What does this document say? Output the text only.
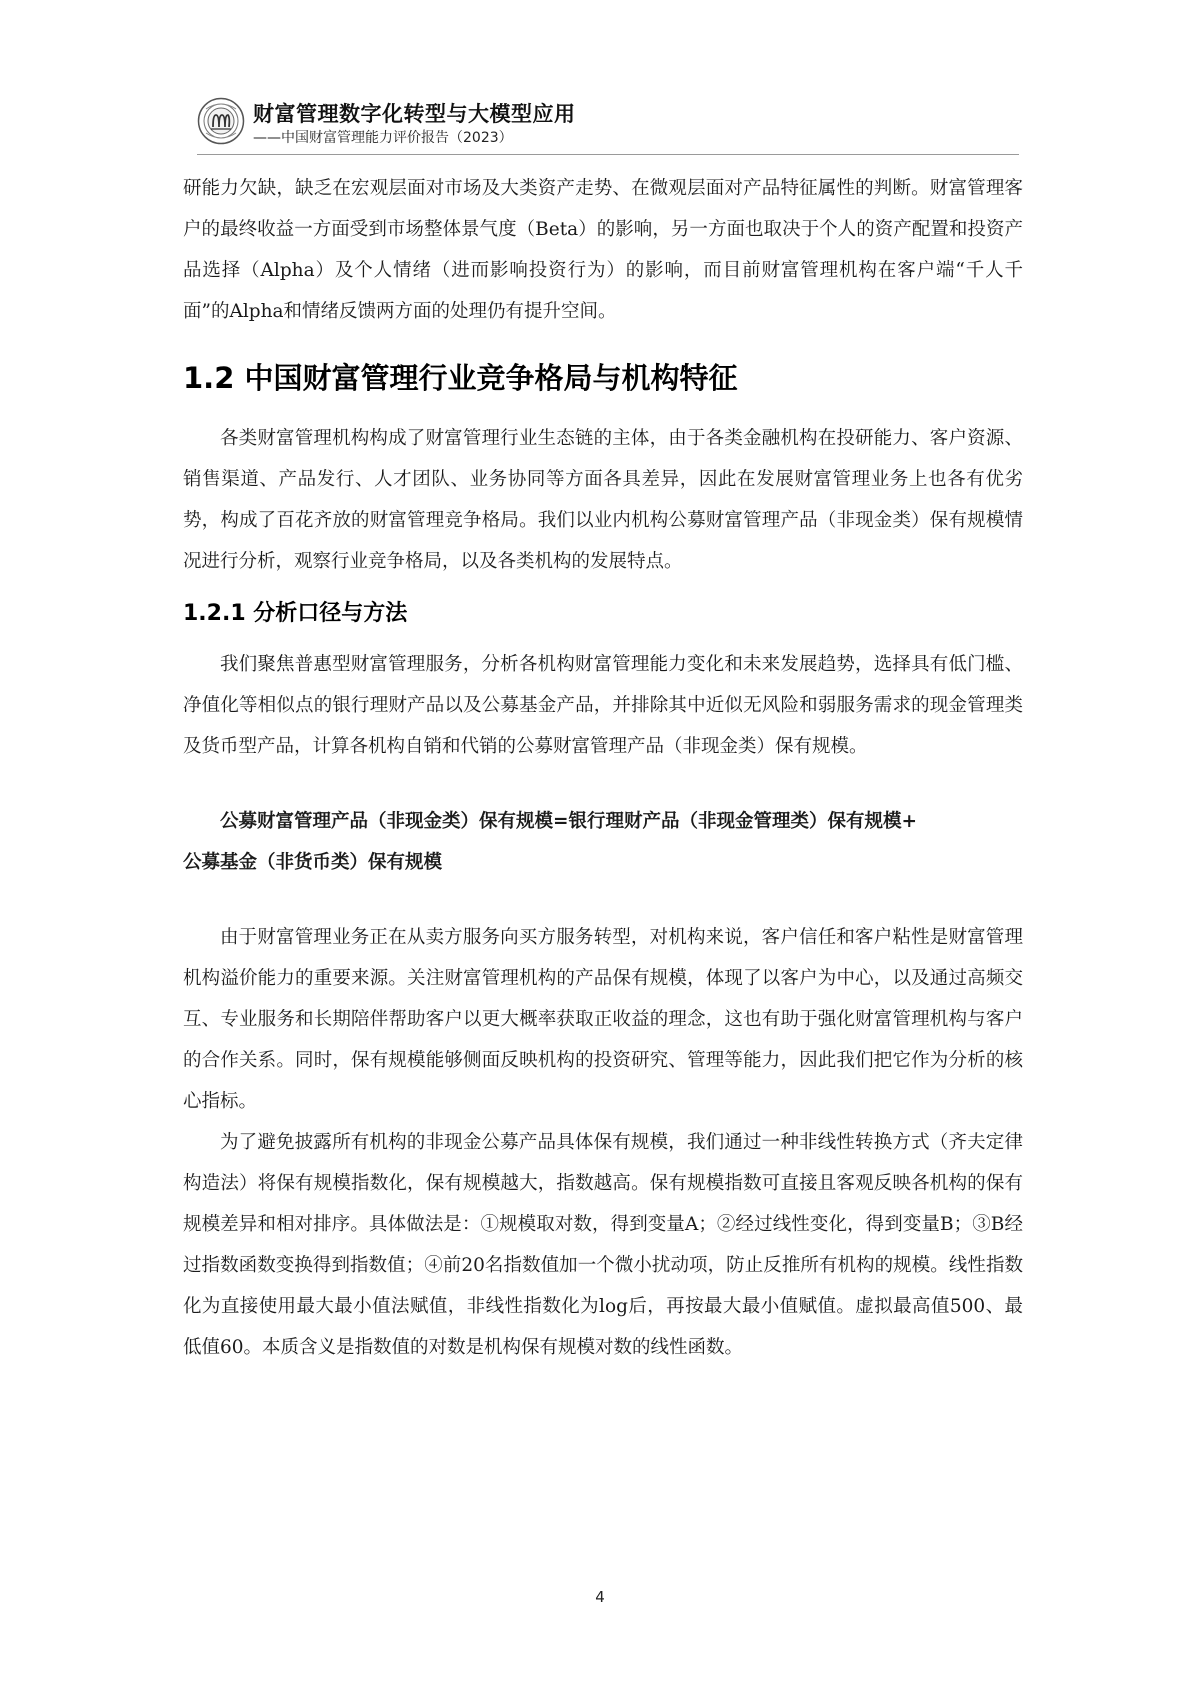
财富管理数字化转型与大模型应用
——中国财富管理能力评价报告（2023）

研能力欠缺，缺乏在宏观层面对市场及大类资产走势、在微观层面对产品特征属性的判断。财富管理客户的最终收益一方面受到市场整体景气度（Beta）的影响，另一方面也取决于个人的资产配置和投资产品选择（Alpha）及个人情绪（进而影响投资行为）的影响，而目前财富管理机构在客户端“千人千面”的Alpha和情绪反馈两方面的处理仍有提升空间。

1.2 中国财富管理行业竞争格局与机构特征

各类财富管理机构构成了财富管理行业生态链的主体，由于各类金融机构在投研能力、客户资源、销售渠道、产品发行、人才团队、业务协同等方面各具差异，因此在发展财富管理业务上也各有优劣势，构成了百花齐放的财富管理竞争格局。我们以业内机构公募财富管理产品（非现金类）保有规模情况进行分析，观察行业竞争格局，以及各类机构的发展特点。

1.2.1 分析口径与方法

我们聚焦普惠型财富管理服务，分析各机构财富管理能力变化和未来发展趋势，选择具有低门槛、净值化等相似点的银行理财产品以及公募基金产品，并排除其中近似无风险和弱服务需求的现金管理类及货币型产品，计算各机构自销和代销的公募财富管理产品（非现金类）保有规模。

公募财富管理产品（非现金类）保有规模=银行理财产品（非现金管理类）保有规模+

公募基金（非货币类）保有规模

由于财富管理业务正在从卖方服务向买方服务转型，对机构来说，客户信任和客户粘性是财富管理机构溢价能力的重要来源。关注财富管理机构的产品保有规模，体现了以客户为中心，以及通过高频交互、专业服务和长期陪伴帮助客户以更大概率获取正收益的理念，这也有助于强化财富管理机构与客户的合作关系。同时，保有规模能够侧面反映机构的投资研究、管理等能力，因此我们把它作为分析的核心指标。

为了避免披露所有机构的非现金公募产品具体保有规模，我们通过一种非线性转换方式（齐夫定律构造法）将保有规模指数化，保有规模越大，指数越高。保有规模指数可直接且客观反映各机构的保有规模差异和相对排序。具体做法是：①规模取对数，得到变量A；②经过线性变化，得到变量B；③B经过指数函数变换得到指数值；④前20名指数值加一个微小扰动项，防止反推所有机构的规模。线性指数化为直接使用最大最小值法赋值，非线性指数化为log后，再按最大最小值赋值。虚拟最高值500、最低值60。本质含义是指数值的对数是机构保有规模对数的线性函数。

4
